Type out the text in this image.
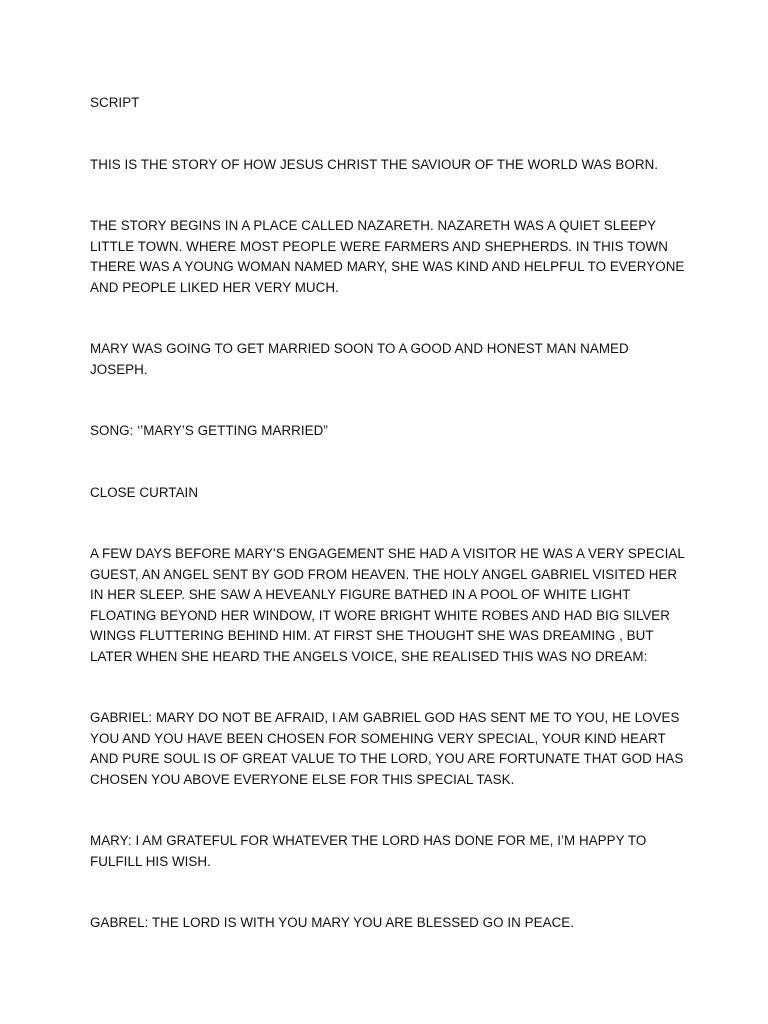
SCRIPT

THIS IS THE STORY OF HOW JESUS CHRIST THE SAVIOUR OF THE WORLD WAS BORN.

THE STORY BEGINS IN A PLACE CALLED NAZARETH. NAZARETH WAS A QUIET SLEEPY LITTLE TOWN. WHERE MOST PEOPLE WERE FARMERS AND SHEPHERDS. IN THIS TOWN THERE WAS A YOUNG WOMAN NAMED MARY, SHE WAS KIND AND HELPFUL TO EVERYONE AND PEOPLE LIKED HER VERY MUCH.

MARY WAS GOING TO GET MARRIED SOON TO A GOOD AND HONEST MAN NAMED JOSEPH.

SONG: ‘’MARY’S GETTING MARRIED”

CLOSE CURTAIN

A FEW DAYS BEFORE MARY’S ENGAGEMENT SHE HAD A VISITOR HE WAS A VERY SPECIAL GUEST, AN ANGEL SENT BY GOD FROM HEAVEN. THE HOLY ANGEL GABRIEL VISITED HER IN HER SLEEP. SHE SAW A HEVEANLY FIGURE BATHED IN A POOL OF WHITE LIGHT FLOATING BEYOND HER WINDOW, IT WORE BRIGHT WHITE ROBES AND HAD BIG SILVER WINGS FLUTTERING BEHIND HIM. AT FIRST SHE THOUGHT SHE WAS DREAMING , BUT LATER WHEN SHE HEARD THE ANGELS VOICE, SHE REALISED THIS WAS NO DREAM:

GABRIEL: MARY DO NOT BE AFRAID, I AM GABRIEL GOD HAS SENT ME TO YOU, HE LOVES YOU AND YOU HAVE BEEN CHOSEN FOR SOMEHING VERY SPECIAL, YOUR KIND HEART AND PURE SOUL IS OF GREAT VALUE TO THE LORD, YOU ARE FORTUNATE THAT GOD HAS CHOSEN YOU ABOVE EVERYONE ELSE FOR THIS SPECIAL TASK.

MARY: I AM GRATEFUL FOR WHATEVER THE LORD HAS DONE FOR ME, I’M HAPPY TO FULFILL HIS WISH.

GABREL: THE LORD IS WITH YOU MARY YOU ARE BLESSED GO IN PEACE.
